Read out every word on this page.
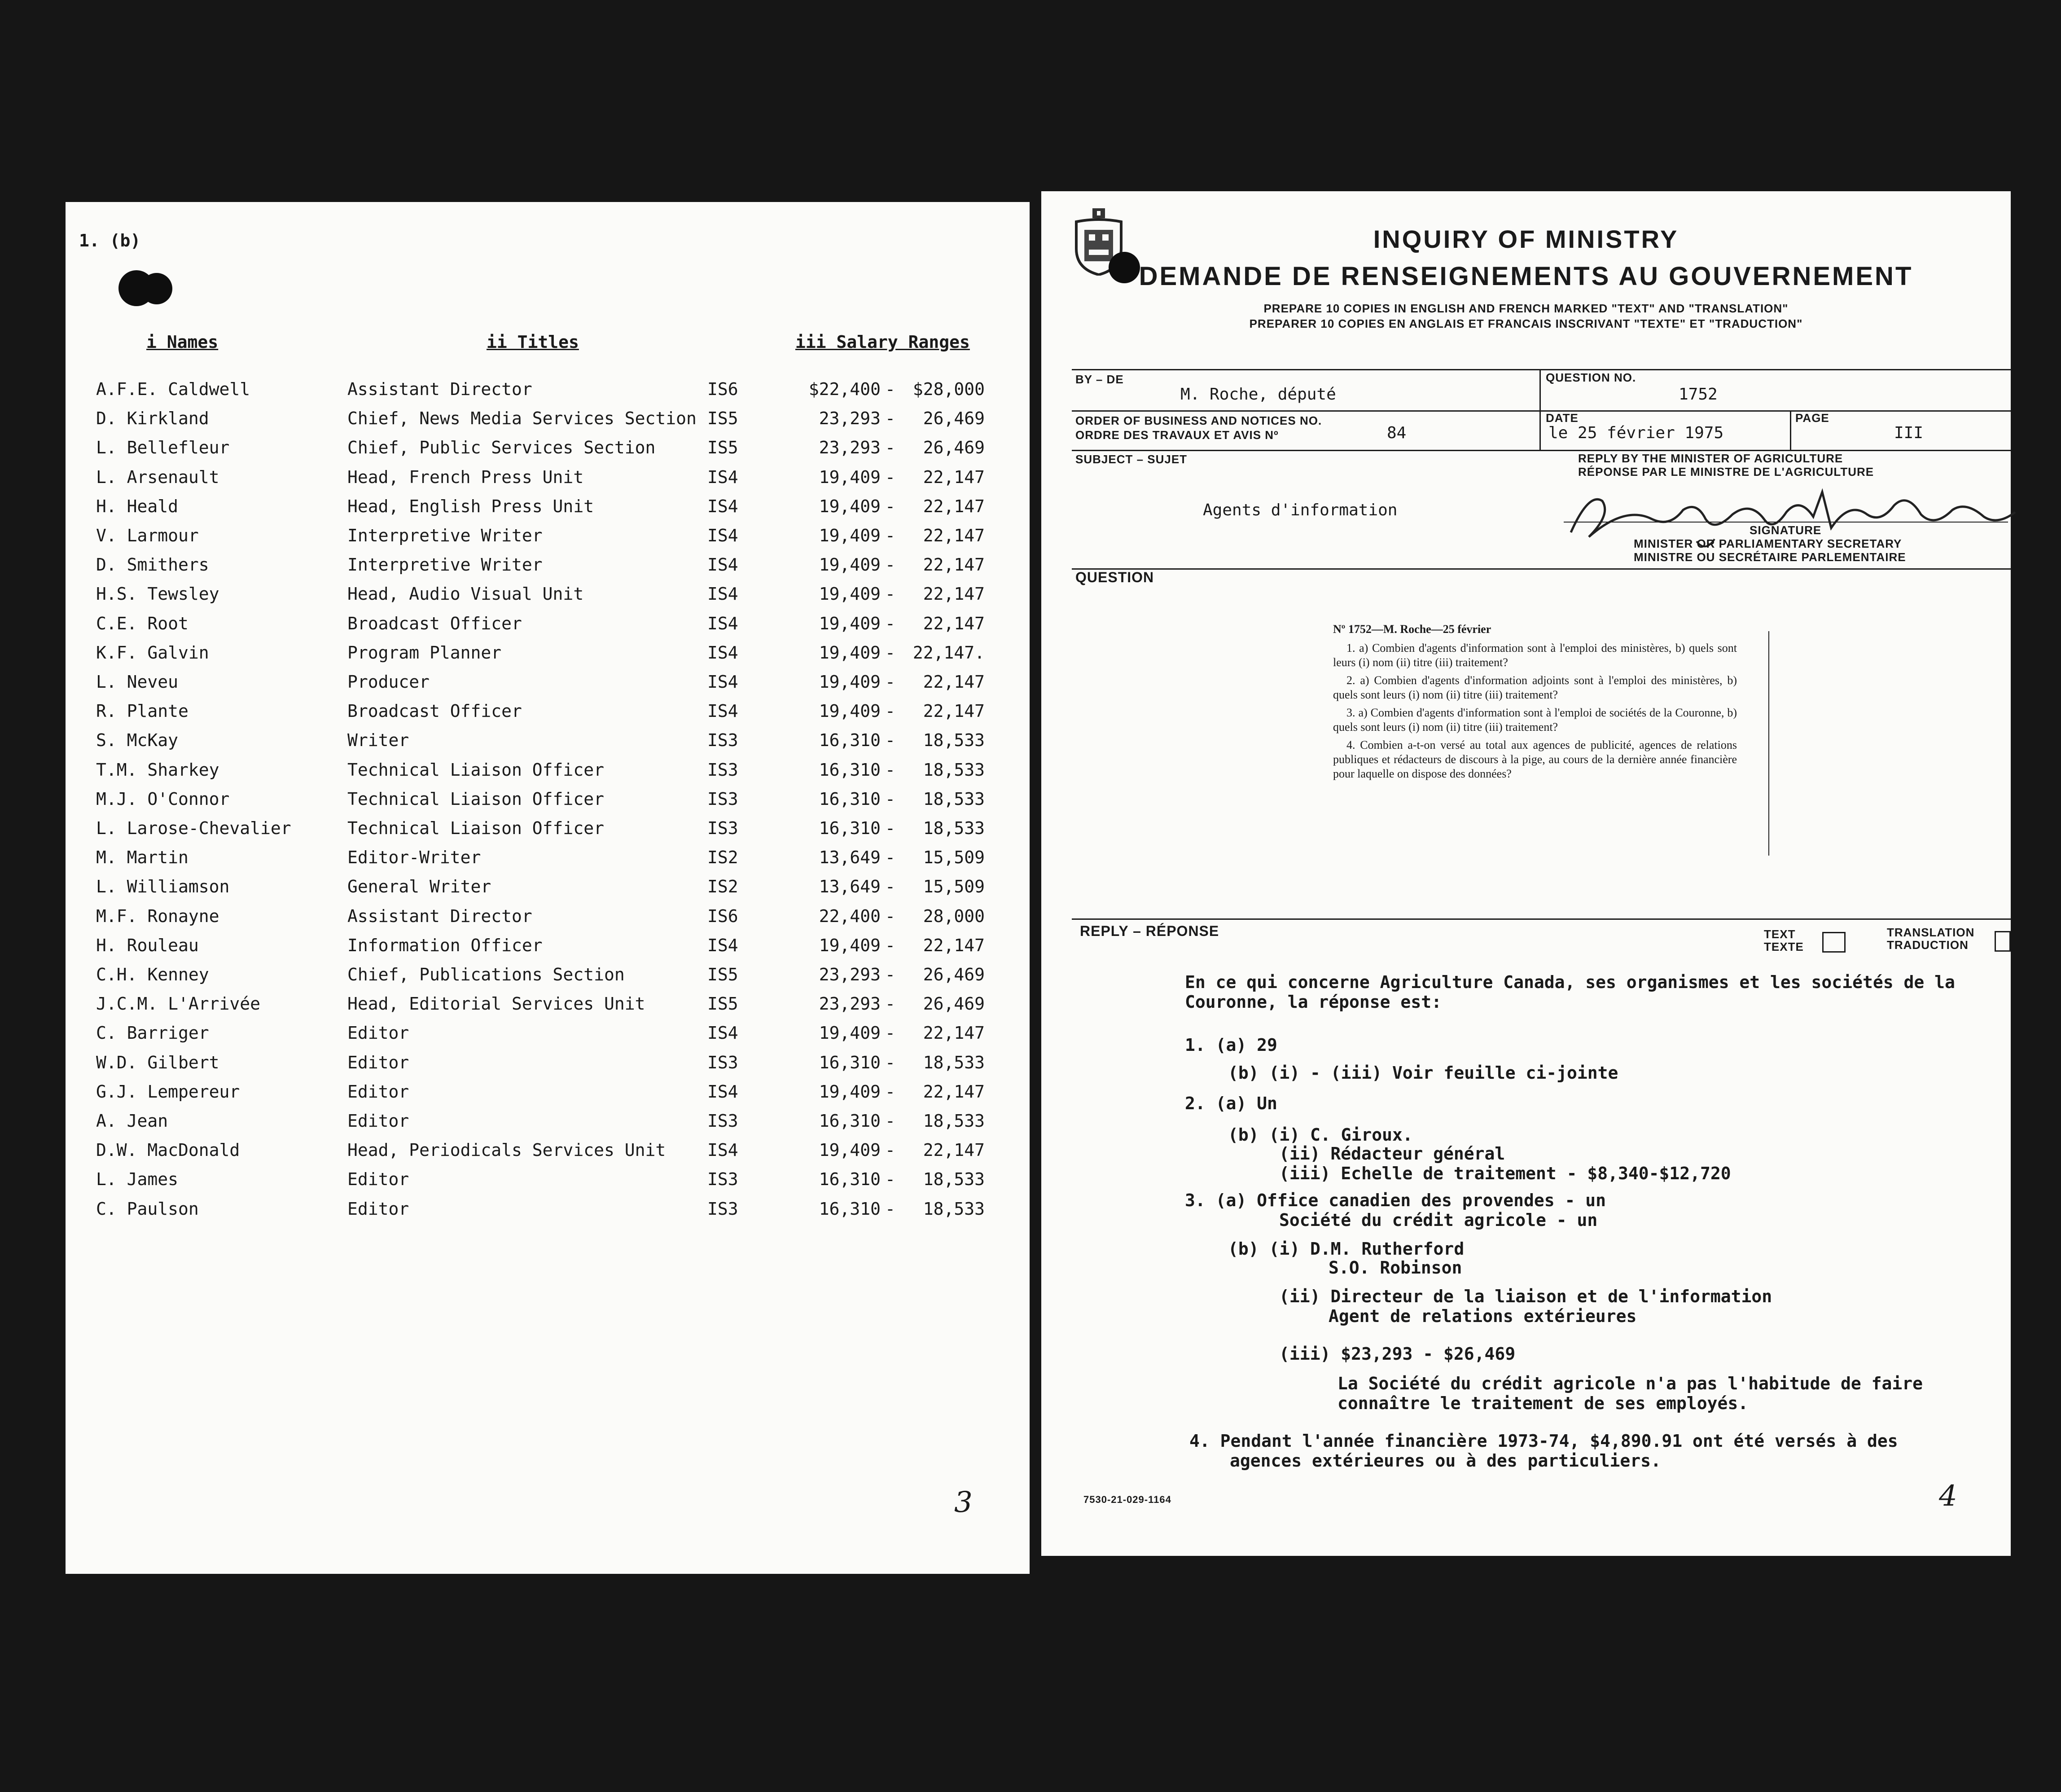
1. (b)
i Names	ii Titles	iii Salary Ranges
A.F.E. Caldwell	Assistant Director	IS6	$22,400	$28,000
-
D. Kirkland	Chief, News Media Services Section IS5	23,293	26,469
-
L. Bellefleur	Chief, Public Services Section	IS5	23,293	26,469
-
L. Arsenault	Head, French Press Unit	IS4	19,409	22,147
-
H. Heald	Head, English Press Unit	IS4	19,409	22,147
-
V. Larmour	Interpretive Writer	IS4	19,409	22,147
-
D. Smithers	Interpretive Writer	IS4	19,409	22,147
-
H.S. Tewsley	Head, Audio Visual Unit	IS4	19,409	22,147
-
C.E. Root	Broadcast Officer	IS4	19,409	22,147
-
K.F. Galvin	Program Planner	IS4	19,409	22,147.
-
L. Neveu	Producer	IS4	19,409	22,147
-
R. Plante	Broadcast Officer	IS4	19,409	22,147
-
S. McKay	Writer	IS3	16,310	18,533
-
T.M. Sharkey	Technical Liaison Officer	IS3	16,310	18,533
-
M.J. O'Connor	Technical Liaison Officer	IS3	16,310	18,533
-
L. Larose-Chevalier	Technical Liaison Officer	IS3	16,310	18,533
-
M. Martin	Editor-Writer	IS2	13,649	15,509
-
L. Williamson	General Writer	IS2	13,649	15,509
-
M.F. Ronayne	Assistant Director	IS6	22,400	28,000
-
H. Rouleau	Information Officer	IS4	19,409	22,147
-
C.H. Kenney	Chief, Publications Section	IS5	23,293	26,469
-
J.C.M. L'Arrivée	Head, Editorial Services Unit	IS5	23,293	26,469
-
C. Barriger	Editor	IS4	19,409	22,147
-
W.D. Gilbert	Editor	IS3	16,310	18,533
-
G.J. Lempereur	Editor	IS4	19,409	22,147
-
A. Jean	Editor	IS3	16,310	18,533
-
D.W. MacDonald	Head, Periodicals Services Unit IS4	19,409	22,147
-
L. James	Editor	IS3	16,310	18,533
-
C. Paulson	Editor	IS3	16,310	18,533
-
3
INQUIRY OF MINISTRY
DEMANDE DE RENSEIGNEMENTS AU GOUVERNEMENT
PREPARE 10 COPIES IN ENGLISH AND FRENCH MARKED "TEXT" AND "TRANSLATION"
PREPARER 10 COPIES EN ANGLAIS ET FRANCAIS INSCRIVANT "TEXTE" ET "TRADUCTION"
BY – DE
M. Roche, député
QUESTION NO.
1752
ORDER OF BUSINESS AND NOTICES NO.
ORDRE DES TRAVAUX ET AVIS Nº	84
DATE
le 25 février 1975
PAGE
III
SUBJECT – SUJET
Agents d'information
REPLY BY THE MINISTER OF AGRICULTURE
RÉPONSE PAR LE MINISTRE DE L'AGRICULTURE
SIGNATURE
MINISTER OR PARLIAMENTARY SECRETARY
MINISTRE OU SECRÉTAIRE PARLEMENTAIRE
QUESTION

Nº 1752—M. Roche—25 février

1. a) Combien d'agents d'information sont à l'emploi des ministères, b) quels sont leurs (i) nom (ii) titre (iii) traitement?

2. a) Combien d'agents d'information adjoints sont à l'emploi des ministères, b) quels sont leurs (i) nom (ii) titre (iii) traitement?

3. a) Combien d'agents d'information sont à l'emploi de sociétés de la Couronne, b) quels sont leurs (i) nom (ii) titre (iii) traitement?

4. Combien a-t-on versé au total aux agences de publicité, agences de relations publiques et rédacteurs de discours à la pige, au cours de la dernière année financière pour laquelle on dispose des données?

REPLY – RÉPONSE	TEXT
TEXTE
TRANSLATION
TRADUCTION
En ce qui concerne Agriculture Canada, ses organismes et les sociétés de la
Couronne, la réponse est:
1. (a) 29
(b) (i) - (iii) Voir feuille ci-jointe
2. (a) Un
(b) (i) C. Giroux.
(ii) Rédacteur général
(iii) Echelle de traitement - $8,340-$12,720
3. (a) Office canadien des provendes - un
Société du crédit agricole - un
(b) (i) D.M. Rutherford
S.O. Robinson
(ii) Directeur de la liaison et de l'information
Agent de relations extérieures
(iii) $23,293 - $26,469
La Société du crédit agricole n'a pas l'habitude de faire
connaître le traitement de ses employés.
4. Pendant l'année financière 1973-74, $4,890.91 ont été versés à des
agences extérieures ou à des particuliers.
7530-21-029-1164	4
